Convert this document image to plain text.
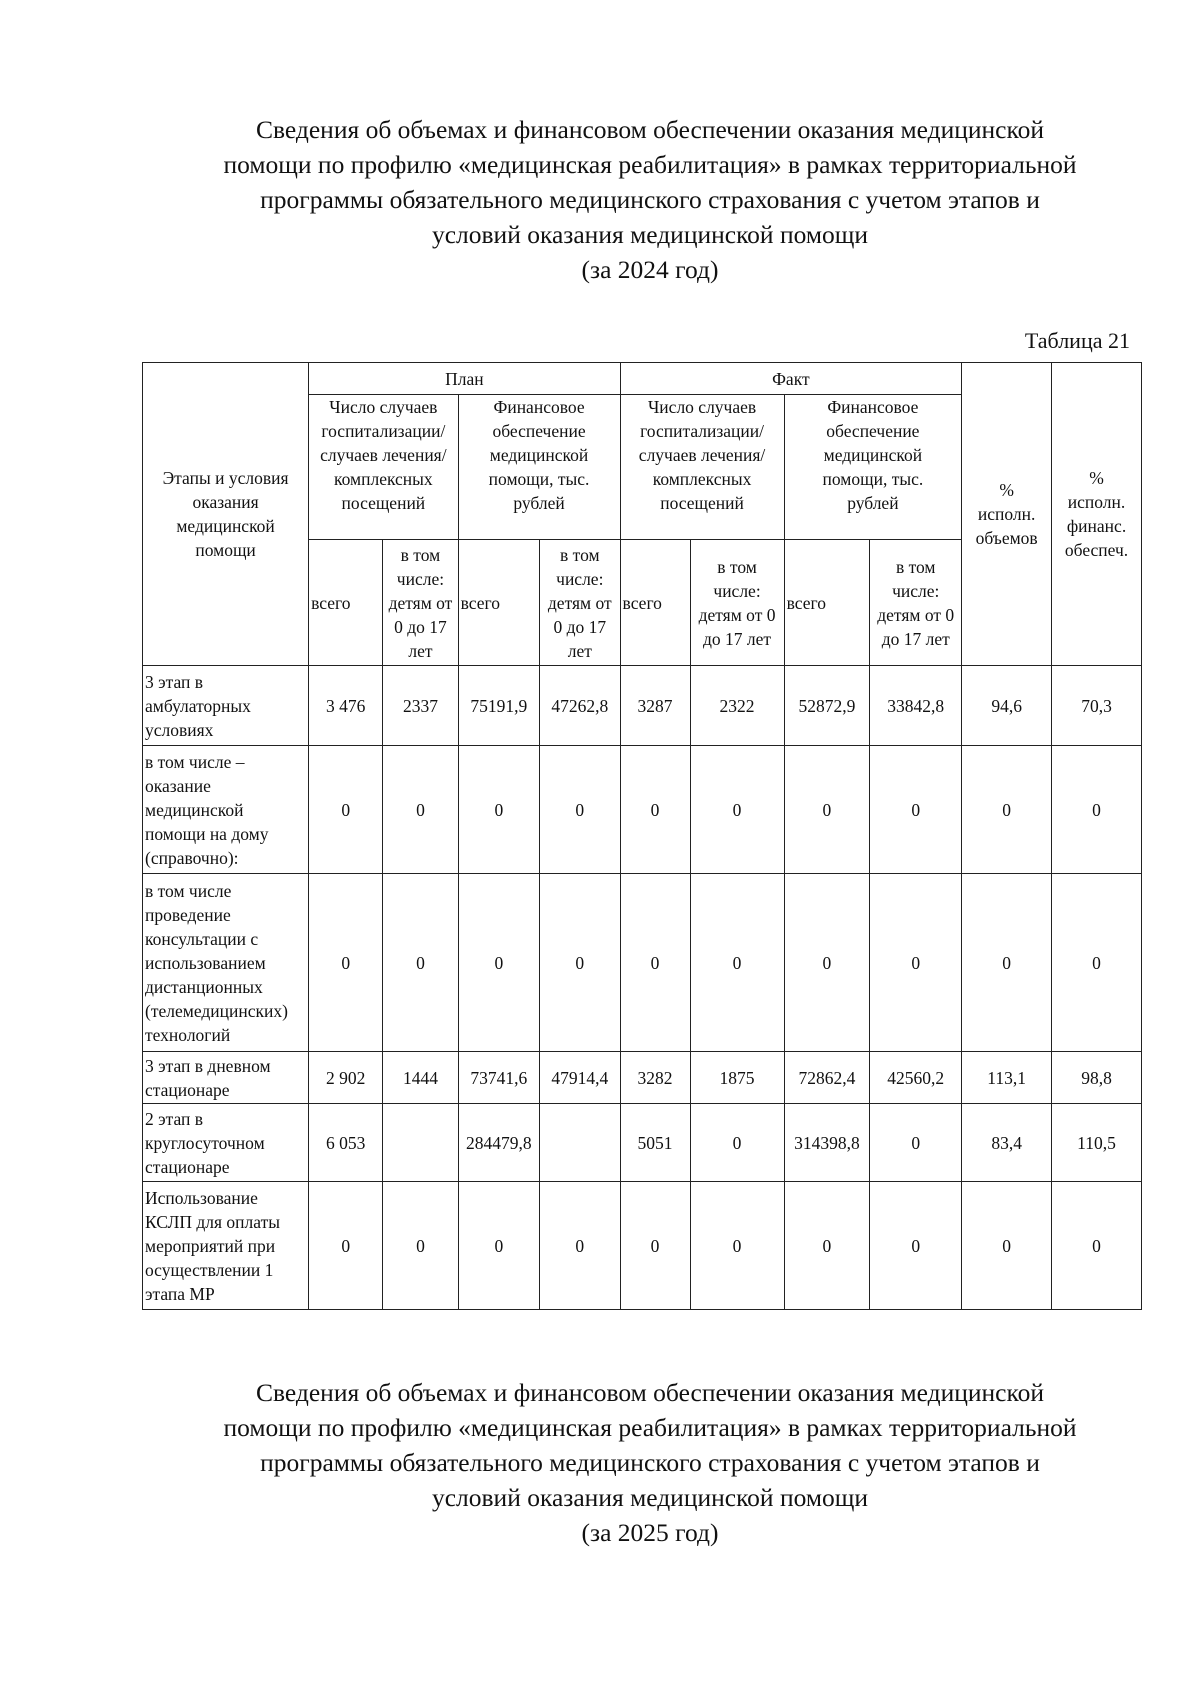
Сведения об объемах и финансовом обеспечении оказания медицинской
помощи по профилю «медицинская реабилитация» в рамках территориальной
программы обязательного медицинского страхования с учетом этапов и
условий оказания медицинской помощи
(за 2024 год)
Таблица 21
Этапы и условия оказания медицинской помощи	План				Факт				% исполн. объемов	% исполн. финанс. обеспеч.
	Число случаев госпитализации/ случаев лечения/ комплексных посещений		Финансовое обеспечение медицинской помощи, тыс. рублей		Число случаев госпитализации/ случаев лечения/ комплексных посещений		Финансовое обеспечение медицинской помощи, тыс. рублей			
	всего	в том числе: детям от 0 до 17 лет	всего	в том числе: детям от 0 до 17 лет	всего	в том числе: детям от 0 до 17 лет	всего	в том числе: детям от 0 до 17 лет		
3 этап в амбулаторных условиях	3 476	2337	75191,9	47262,8	3287	2322	52872,9	33842,8	94,6	70,3
в том числе – оказание медицинской помощи на дому (справочно):	0	0	0	0	0	0	0	0	0	0
в том числе проведение консультации с использованием дистанционных (телемедицинских) технологий	0	0	0	0	0	0	0	0	0	0
3 этап в дневном стационаре	2 902	1444	73741,6	47914,4	3282	1875	72862,4	42560,2	113,1	98,8
2 этап в круглосуточном стационаре	6 053		284479,8		5051	0	314398,8	0	83,4	110,5
Использование КСЛП для оплаты мероприятий при осуществлении 1 этапа МР	0	0	0	0	0	0	0	0	0	0
Сведения об объемах и финансовом обеспечении оказания медицинской
помощи по профилю «медицинская реабилитация» в рамках территориальной
программы обязательного медицинского страхования с учетом этапов и
условий оказания медицинской помощи
(за 2025 год)
